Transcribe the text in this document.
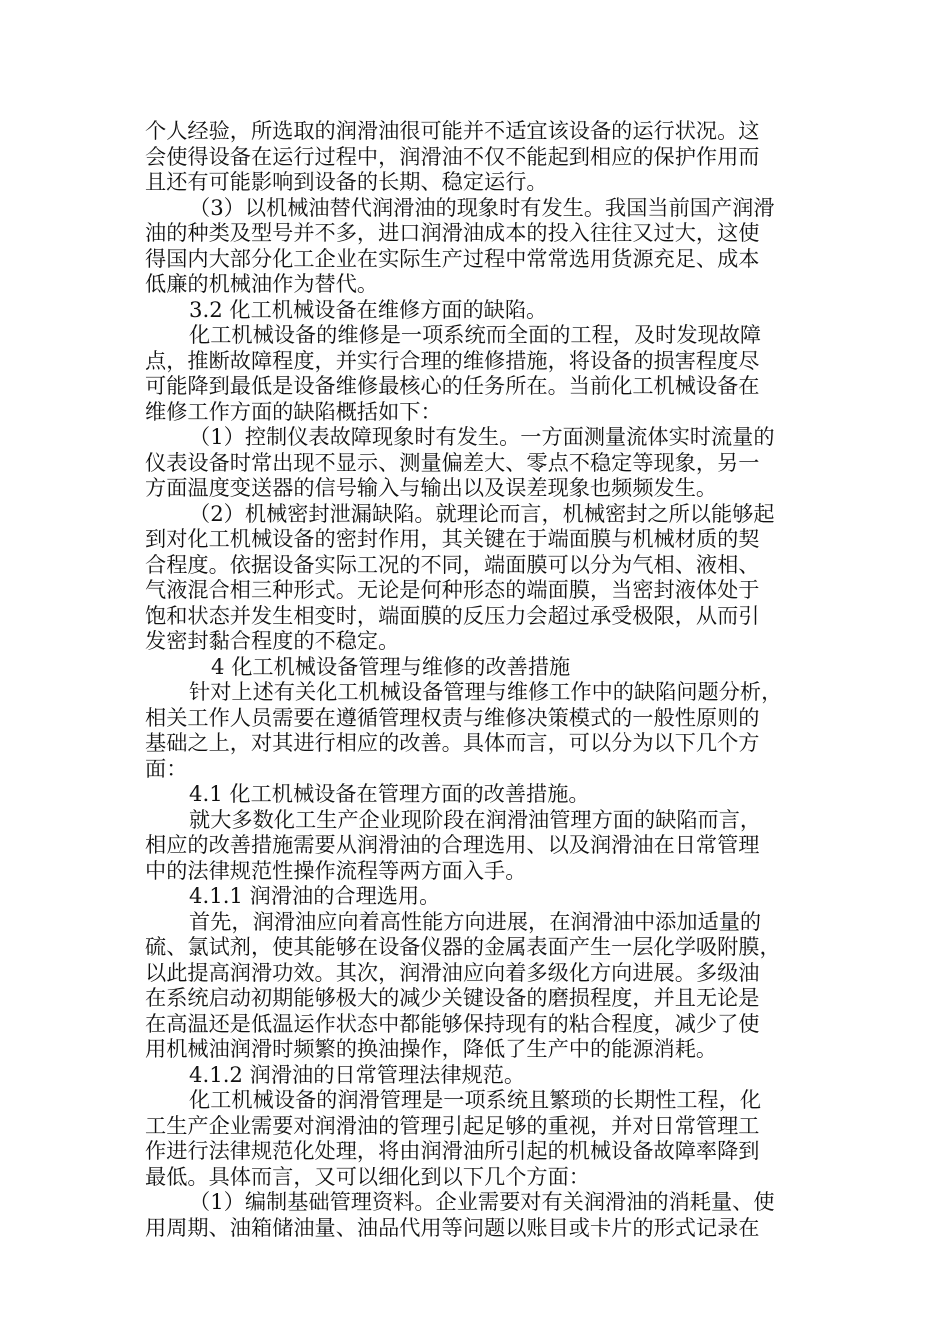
个人经验，所选取的润滑油很可能并不适宜该设备的运行状况。这
会使得设备在运行过程中，润滑油不仅不能起到相应的保护作用而
且还有可能影响到设备的长期、稳定运行。
（3）以机械油替代润滑油的现象时有发生。我国当前国产润滑
油的种类及型号并不多，进口润滑油成本的投入往往又过大，这使
得国内大部分化工企业在实际生产过程中常常选用货源充足、成本
低廉的机械油作为替代。
3.2 化工机械设备在维修方面的缺陷。
化工机械设备的维修是一项系统而全面的工程，及时发现故障
点，推断故障程度，并实行合理的维修措施，将设备的损害程度尽
可能降到最低是设备维修最核心的任务所在。当前化工机械设备在
维修工作方面的缺陷概括如下：
（1）控制仪表故障现象时有发生。一方面测量流体实时流量的
仪表设备时常出现不显示、测量偏差大、零点不稳定等现象，另一
方面温度变送器的信号输入与输出以及误差现象也频频发生。
（2）机械密封泄漏缺陷。就理论而言，机械密封之所以能够起
到对化工机械设备的密封作用，其关键在于端面膜与机械材质的契
合程度。依据设备实际工况的不同，端面膜可以分为气相、液相、
气液混合相三种形式。无论是何种形态的端面膜，当密封液体处于
饱和状态并发生相变时，端面膜的反压力会超过承受极限，从而引
发密封黏合程度的不稳定。
4 化工机械设备管理与维修的改善措施
针对上述有关化工机械设备管理与维修工作中的缺陷问题分析，
相关工作人员需要在遵循管理权责与维修决策模式的一般性原则的
基础之上，对其进行相应的改善。具体而言，可以分为以下几个方
面：
4.1 化工机械设备在管理方面的改善措施。
就大多数化工生产企业现阶段在润滑油管理方面的缺陷而言，
相应的改善措施需要从润滑油的合理选用、以及润滑油在日常管理
中的法律规范性操作流程等两方面入手。
4.1.1 润滑油的合理选用。
首先，润滑油应向着高性能方向进展，在润滑油中添加适量的
硫、氯试剂，使其能够在设备仪器的金属表面产生一层化学吸附膜，
以此提高润滑功效。其次，润滑油应向着多级化方向进展。多级油
在系统启动初期能够极大的减少关键设备的磨损程度，并且无论是
在高温还是低温运作状态中都能够保持现有的粘合程度，减少了使
用机械油润滑时频繁的换油操作，降低了生产中的能源消耗。
4.1.2 润滑油的日常管理法律规范。
化工机械设备的润滑管理是一项系统且繁琐的长期性工程，化
工生产企业需要对润滑油的管理引起足够的重视，并对日常管理工
作进行法律规范化处理，将由润滑油所引起的机械设备故障率降到
最低。具体而言，又可以细化到以下几个方面：
（1）编制基础管理资料。企业需要对有关润滑油的消耗量、使
用周期、油箱储油量、油品代用等问题以账目或卡片的形式记录在
